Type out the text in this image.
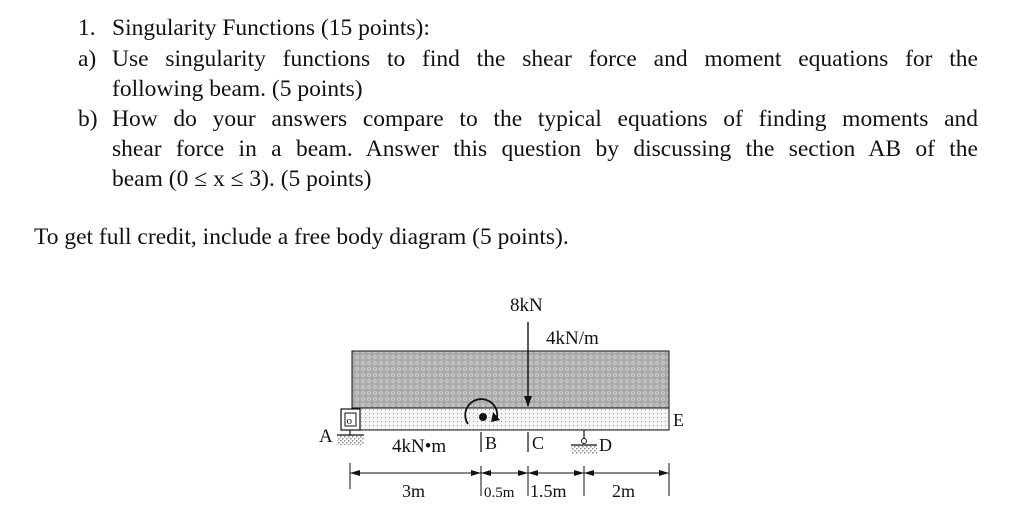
1. Singularity Functions (15 points):
a) Use singularity functions to find the shear force and moment equations for the
following beam. (5 points)
b) How do your answers compare to the typical equations of finding moments and
shear force in a beam. Answer this question by discussing the section AB of the
beam (0 ≤ x ≤ 3). (5 points)
To get full credit, include a free body diagram (5 points).
4kN/m
8kN
o
A	4kN•m B C	D
E
3m	0.5m 1.5m	2m
